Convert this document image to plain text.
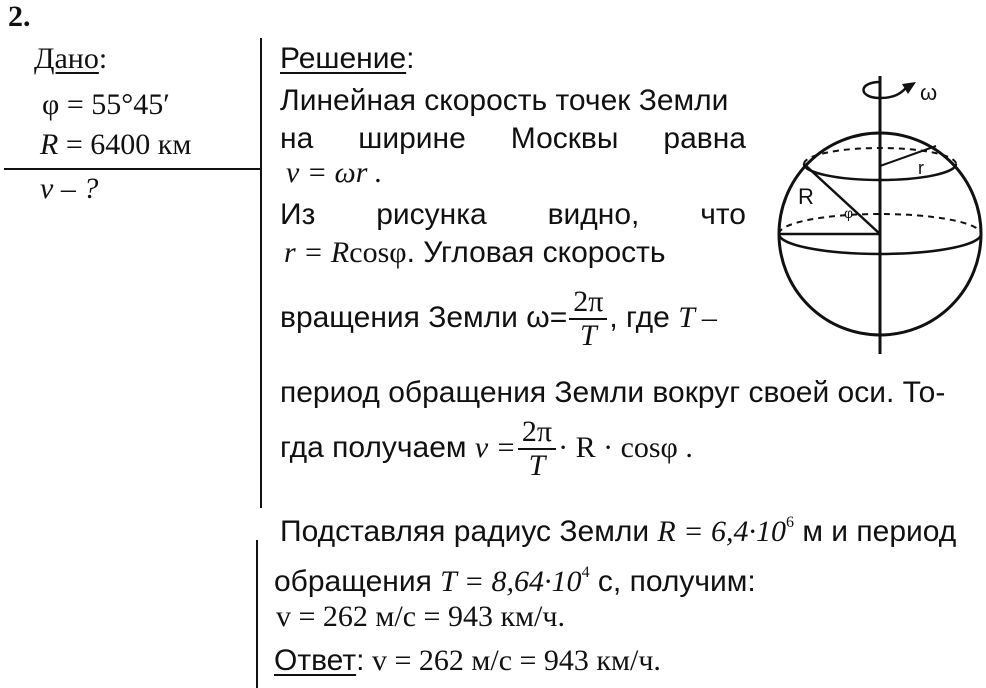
2.
Дано:
φ = 55°45′
R = 6400 км
v – ?
Решение:
Линейная скорость точек Земли
на ширине Москвы равна
v = ωr .
Из рисунка видно, что
r = Rcosφ. Угловая скорость
вращения Земли $\omega= \frac{2\pi}{T}$ , где T –
период обращения Земли вокруг своей оси. То-
гда получаем $v = \frac{2\pi}{T} \cdot R \cdot \cos\varphi$ .
Подставляя радиус Земли $R = 6,4\cdot 10^6$ м и период
обращения $T = 8,64\cdot 10^4$ с, получим:
v = 262 м/с = 943 км/ч.
Ответ: v = 262 м/с = 943 км/ч.
ω
r
R
φ
